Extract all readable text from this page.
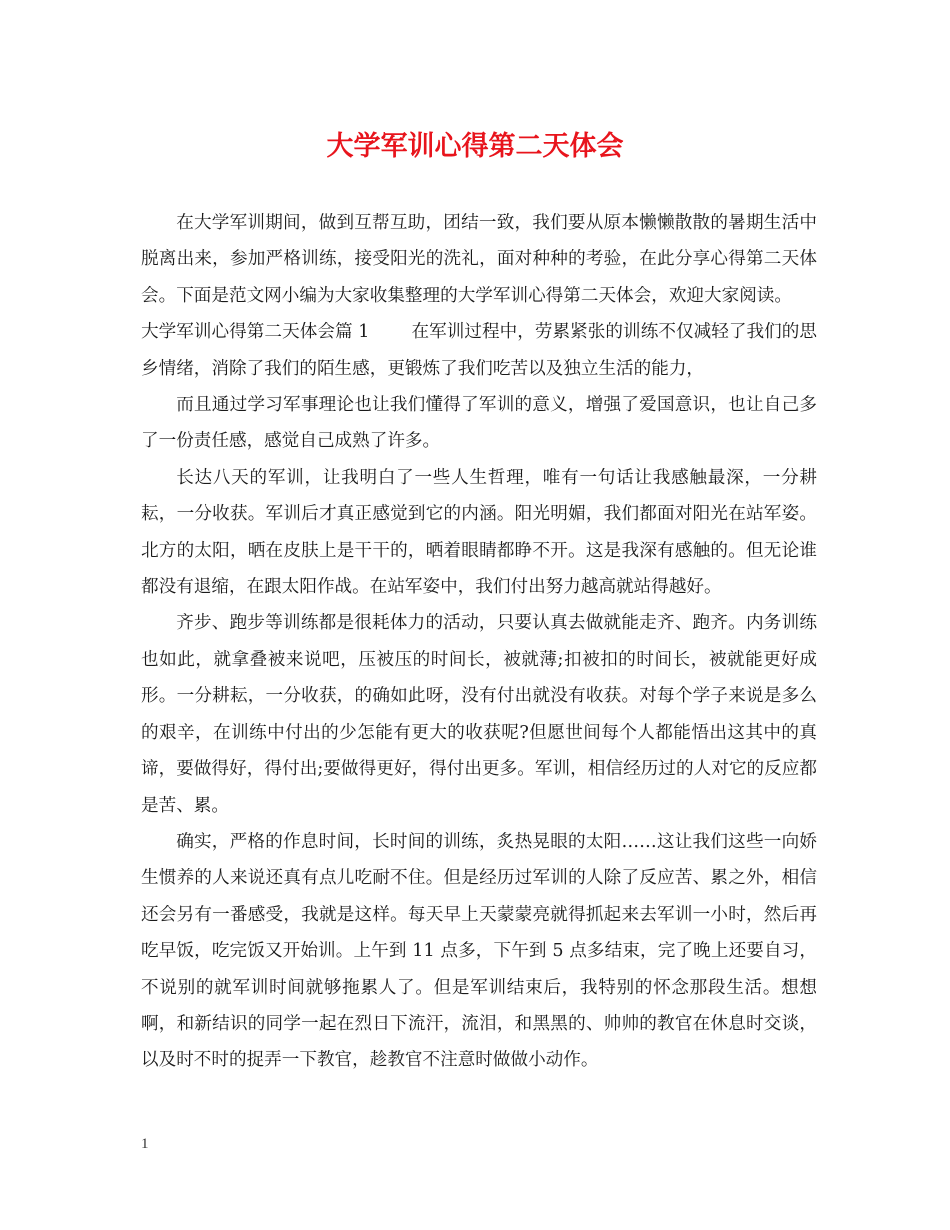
大学军训心得第二天体会

在大学军训期间，做到互帮互助，团结一致，我们要从原本懒懒散散的暑期生活中脱离出来，参加严格训练，接受阳光的洗礼，面对种种的考验，在此分享心得第二天体会。下面是范文网小编为大家收集整理的大学军训心得第二天体会，欢迎大家阅读。

大学军训心得第二天体会篇 1 在军训过程中，劳累紧张的训练不仅减轻了我们的思乡情绪，消除了我们的陌生感，更锻炼了我们吃苦以及独立生活的能力，

而且通过学习军事理论也让我们懂得了军训的意义，增强了爱国意识，也让自己多了一份责任感，感觉自己成熟了许多。

长达八天的军训，让我明白了一些人生哲理，唯有一句话让我感触最深，一分耕耘，一分收获。军训后才真正感觉到它的内涵。阳光明媚，我们都面对阳光在站军姿。北方的太阳，晒在皮肤上是干干的，晒着眼睛都睁不开。这是我深有感触的。但无论谁都没有退缩，在跟太阳作战。在站军姿中，我们付出努力越高就站得越好。

齐步、跑步等训练都是很耗体力的活动，只要认真去做就能走齐、跑齐。内务训练也如此，就拿叠被来说吧，压被压的时间长，被就薄;扣被扣的时间长，被就能更好成形。一分耕耘，一分收获，的确如此呀，没有付出就没有收获。对每个学子来说是多么的艰辛，在训练中付出的少怎能有更大的收获呢?但愿世间每个人都能悟出这其中的真谛，要做得好，得付出;要做得更好，得付出更多。军训，相信经历过的人对它的反应都是苦、累。

确实，严格的作息时间，长时间的训练，炙热晃眼的太阳……这让我们这些一向娇生惯养的人来说还真有点儿吃耐不住。但是经历过军训的人除了反应苦、累之外，相信还会另有一番感受，我就是这样。每天早上天蒙蒙亮就得抓起来去军训一小时，然后再吃早饭，吃完饭又开始训。上午到 11 点多，下午到 5 点多结束，完了晚上还要自习，不说别的就军训时间就够拖累人了。但是军训结束后，我特别的怀念那段生活。想想啊，和新结识的同学一起在烈日下流汗，流泪，和黑黑的、帅帅的教官在休息时交谈，以及时不时的捉弄一下教官，趁教官不注意时做做小动作。

1
